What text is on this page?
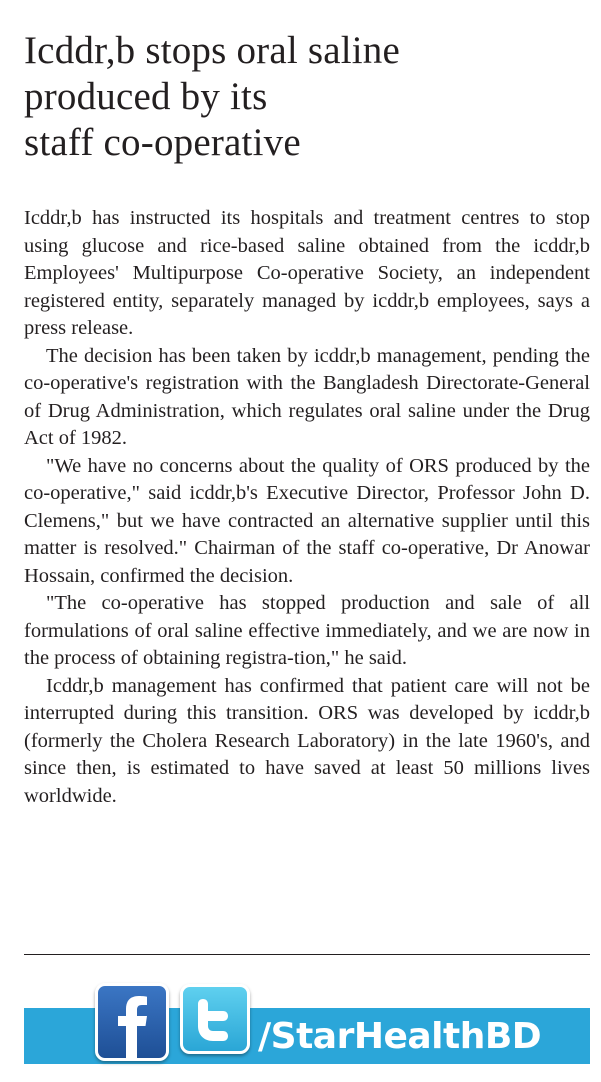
Icddr,b stops oral saline
produced by its
staff co-operative

Icddr,b has instructed its hospitals and treatment centres to stop using glucose and rice-based saline obtained from the icddr,b Employees' Multipurpose Co-operative Society, an independent registered entity, separately managed by icddr,b employees, says a press release.

The decision has been taken by icddr,b management, pending the co-operative's registration with the Bangladesh Directorate-General of Drug Administration, which regulates oral saline under the Drug Act of 1982.

"We have no concerns about the quality of ORS produced by the co-operative," said icddr,b's Executive Director, Professor John D. Clemens," but we have contracted an alternative supplier until this matter is resolved." Chairman of the staff co-operative, Dr Anowar Hossain, confirmed the decision.

"The co-operative has stopped production and sale of all formulations of oral saline effective immediately, and we are now in the process of obtaining registra-tion," he said.

Icddr,b management has confirmed that patient care will not be interrupted during this transition. ORS was developed by icddr,b (formerly the Cholera Research Laboratory) in the late 1960's, and since then, is estimated to have saved at least 50 millions lives worldwide.

/StarHealthBD
